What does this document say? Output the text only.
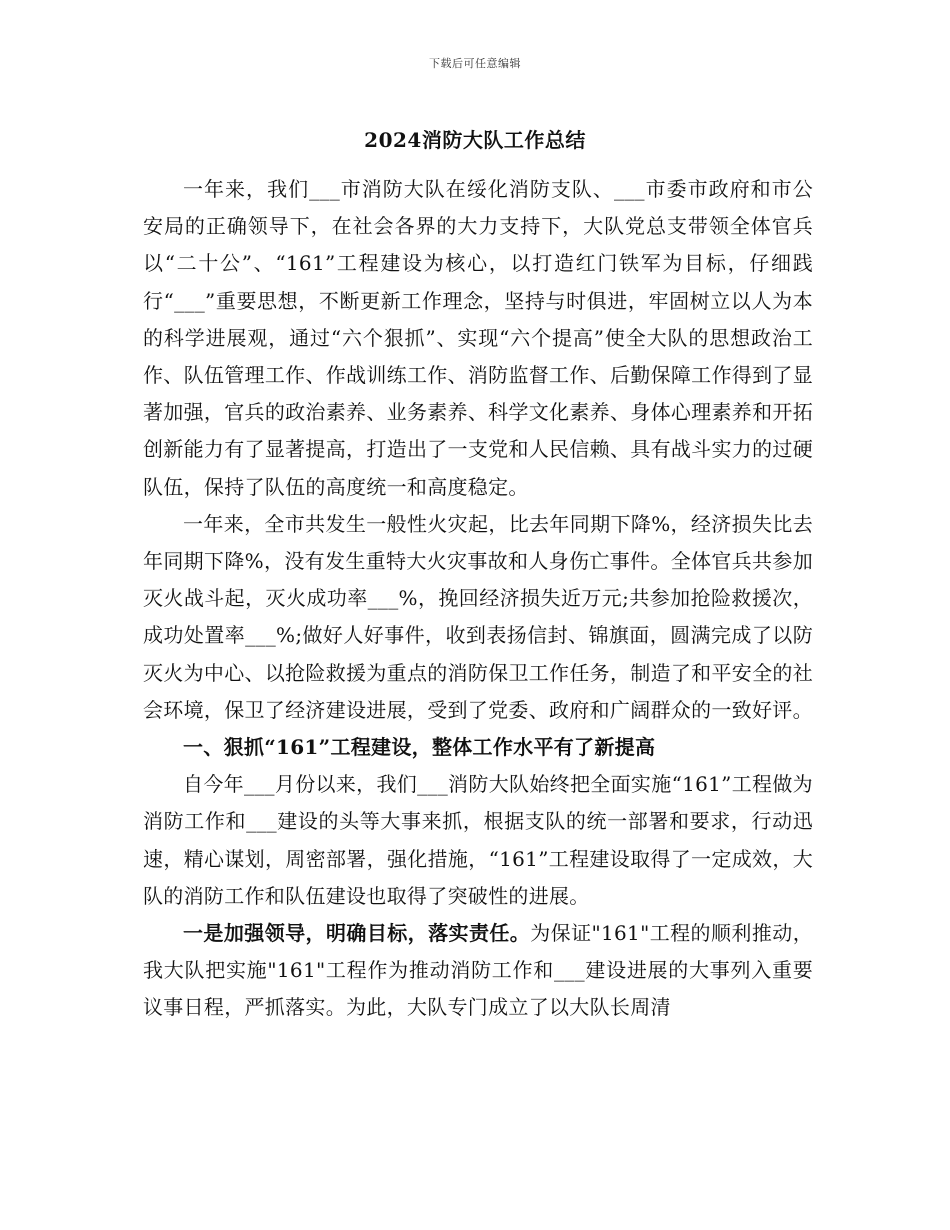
下载后可任意编辑
2024消防大队工作总结

一年来，我们___市消防大队在绥化消防支队、___市委市政府和市公安局的正确领导下，在社会各界的大力支持下，大队党总支带领全体官兵以“二十公”、“161”工程建设为核心，以打造红门铁军为目标，仔细践行“___”重要思想，不断更新工作理念，坚持与时俱进，牢固树立以人为本的科学进展观，通过“六个狠抓”、实现“六个提高”使全大队的思想政治工作、队伍管理工作、作战训练工作、消防监督工作、后勤保障工作得到了显著加强，官兵的政治素养、业务素养、科学文化素养、身体心理素养和开拓创新能力有了显著提高，打造出了一支党和人民信赖、具有战斗实力的过硬队伍，保持了队伍的高度统一和高度稳定。

一年来，全市共发生一般性火灾起，比去年同期下降%，经济损失比去年同期下降%，没有发生重特大火灾事故和人身伤亡事件。全体官兵共参加灭火战斗起，灭火成功率___%，挽回经济损失近万元;共参加抢险救援次，成功处置率___%;做好人好事件，收到表扬信封、锦旗面，圆满完成了以防灭火为中心、以抢险救援为重点的消防保卫工作任务，制造了和平安全的社会环境，保卫了经济建设进展，受到了党委、政府和广阔群众的一致好评。

一、狠抓“161”工程建设，整体工作水平有了新提高

自今年___月份以来，我们___消防大队始终把全面实施“161”工程做为消防工作和___建设的头等大事来抓，根据支队的统一部署和要求，行动迅速，精心谋划，周密部署，强化措施，“161”工程建设取得了一定成效，大队的消防工作和队伍建设也取得了突破性的进展。

一是加强领导，明确目标，落实责任。为保证"161"工程的顺利推动，我大队把实施"161"工程作为推动消防工作和___建设进展的大事列入重要议事日程，严抓落实。为此，大队专门成立了以大队长周清
